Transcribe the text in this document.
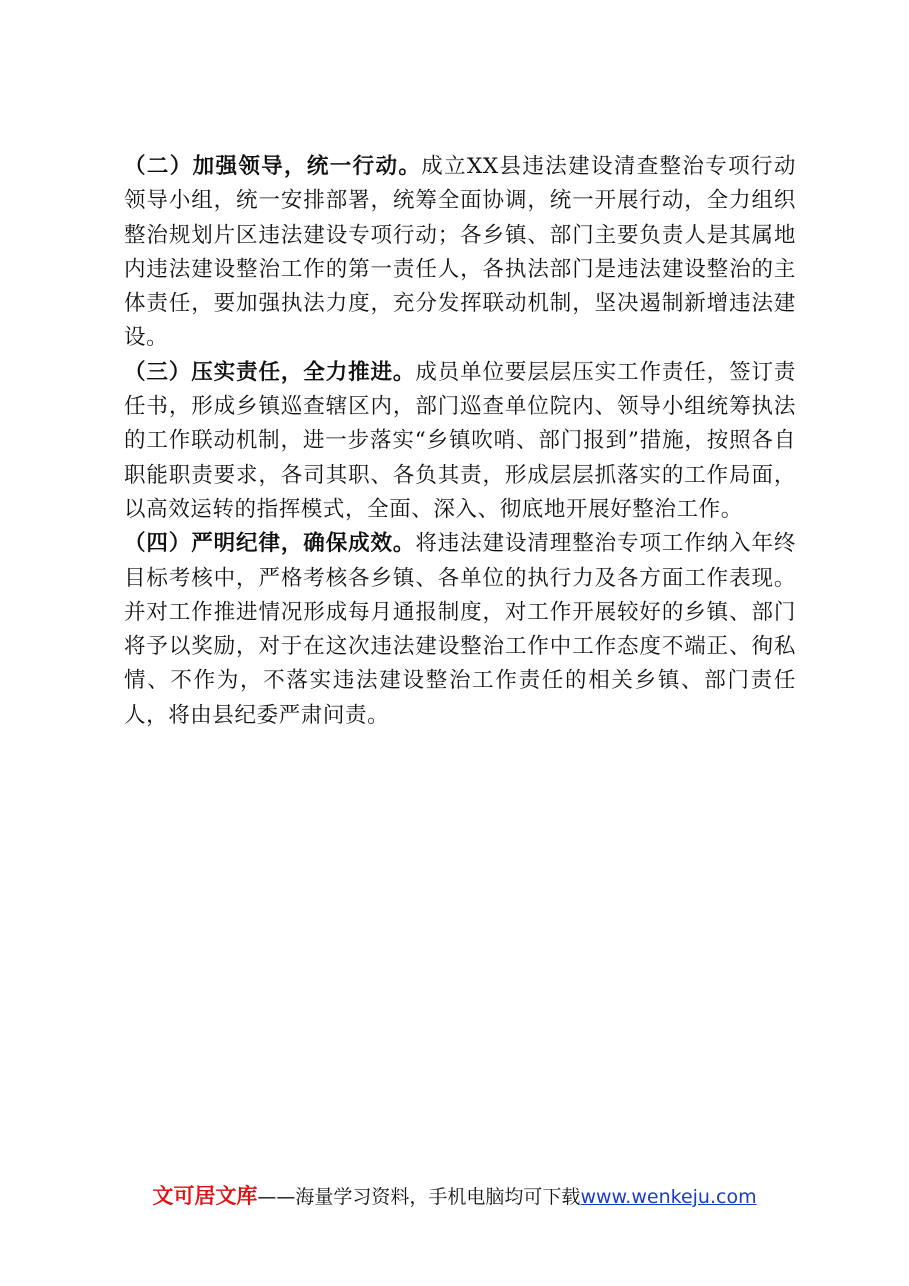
（二）加强领导，统一行动。成立XX县违法建设清查整治专项行动领导小组，统一安排部署，统筹全面协调，统一开展行动，全力组织整治规划片区违法建设专项行动；各乡镇、部门主要负责人是其属地内违法建设整治工作的第一责任人，各执法部门是违法建设整治的主体责任，要加强执法力度，充分发挥联动机制，坚决遏制新增违法建设。

（三）压实责任，全力推进。成员单位要层层压实工作责任，签订责任书，形成乡镇巡查辖区内，部门巡查单位院内、领导小组统筹执法的工作联动机制，进一步落实“乡镇吹哨、部门报到”措施，按照各自职能职责要求，各司其职、各负其责，形成层层抓落实的工作局面，以高效运转的指挥模式，全面、深入、彻底地开展好整治工作。

（四）严明纪律，确保成效。将违法建设清理整治专项工作纳入年终目标考核中，严格考核各乡镇、各单位的执行力及各方面工作表现。并对工作推进情况形成每月通报制度，对工作开展较好的乡镇、部门将予以奖励，对于在这次违法建设整治工作中工作态度不端正、徇私情、不作为，不落实违法建设整治工作责任的相关乡镇、部门责任人，将由县纪委严肃问责。

文可居文库——海量学习资料，手机电脑均可下载www.wenkeju.com
